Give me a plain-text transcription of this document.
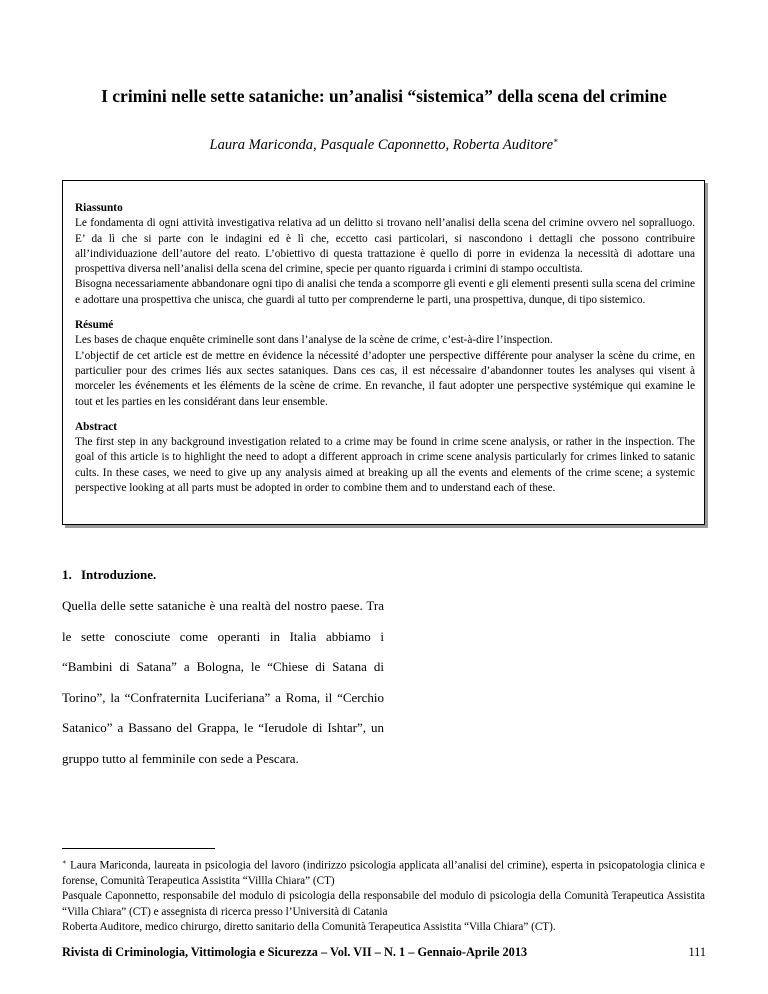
I crimini nelle sette sataniche: un’analisi “sistemica” della scena del crimine
Laura Mariconda, Pasquale Caponnetto, Roberta Auditore∗
Riassunto

Le fondamenta di ogni attività investigativa relativa ad un delitto si trovano nell’analisi della scena del crimine ovvero nel sopralluogo. E’ da lì che si parte con le indagini ed è lì che, eccetto casi particolari, si nascondono i dettagli che possono contribuire all’individuazione dell’autore del reato. L’obiettivo di questa trattazione è quello di porre in evidenza la necessità di adottare una prospettiva diversa nell’analisi della scena del crimine, specie per quanto riguarda i crimini di stampo occultista.

Bisogna necessariamente abbandonare ogni tipo di analisi che tenda a scomporre gli eventi e gli elementi presenti sulla scena del crimine e adottare una prospettiva che unisca, che guardi al tutto per comprenderne le parti, una prospettiva, dunque, di tipo sistemico.

Résumé

Les bases de chaque enquête criminelle sont dans l’analyse de la scène de crime, c’est-à-dire l’inspection.

L’objectif de cet article est de mettre en évidence la nécessité d’adopter une perspective différente pour analyser la scène du crime, en particulier pour des crimes liés aux sectes sataniques. Dans ces cas, il est nécessaire d’abandonner toutes les analyses qui visent à morceler les événements et les éléments de la scène de crime. En revanche, il faut adopter une perspective systémique qui examine le tout et les parties en les considérant dans leur ensemble.

Abstract

The first step in any background investigation related to a crime may be found in crime scene analysis, or rather in the inspection. The goal of this article is to highlight the need to adopt a different approach in crime scene analysis particularly for crimes linked to satanic cults. In these cases, we need to give up any analysis aimed at breaking up all the events and elements of the crime scene; a systemic perspective looking at all parts must be adopted in order to combine them and to understand each of these.

1. Introduzione.

Quella delle sette sataniche è una realtà del nostro paese. Tra le sette conosciute come operanti in Italia abbiamo i “Bambini di Satana” a Bologna, le “Chiese di Satana di Torino”, la “Confraternita Luciferiana” a Roma, il “Cerchio Satanico” a Bassano del Grappa, le “Ierudole di Ishtar”, un gruppo tutto al femminile con sede a Pescara.

∗ Laura Mariconda, laureata in psicologia del lavoro (indirizzo psicologia applicata all’analisi del crimine), esperta in psicopatologia clinica e forense, Comunità Terapeutica Assistita “Villla Chiara” (CT)
Pasquale Caponnetto, responsabile del modulo di psicologia della responsabile del modulo di psicologia della Comunità Terapeutica Assistita “Villa Chiara” (CT) e assegnista di ricerca presso l’Università di Catania
Roberta Auditore, medico chirurgo, diretto sanitario della Comunità Terapeutica Assistita “Villa Chiara” (CT).

Rivista di Criminologia, Vittimologia e Sicurezza – Vol. VII – N. 1 – Gennaio-Aprile 2013	111
